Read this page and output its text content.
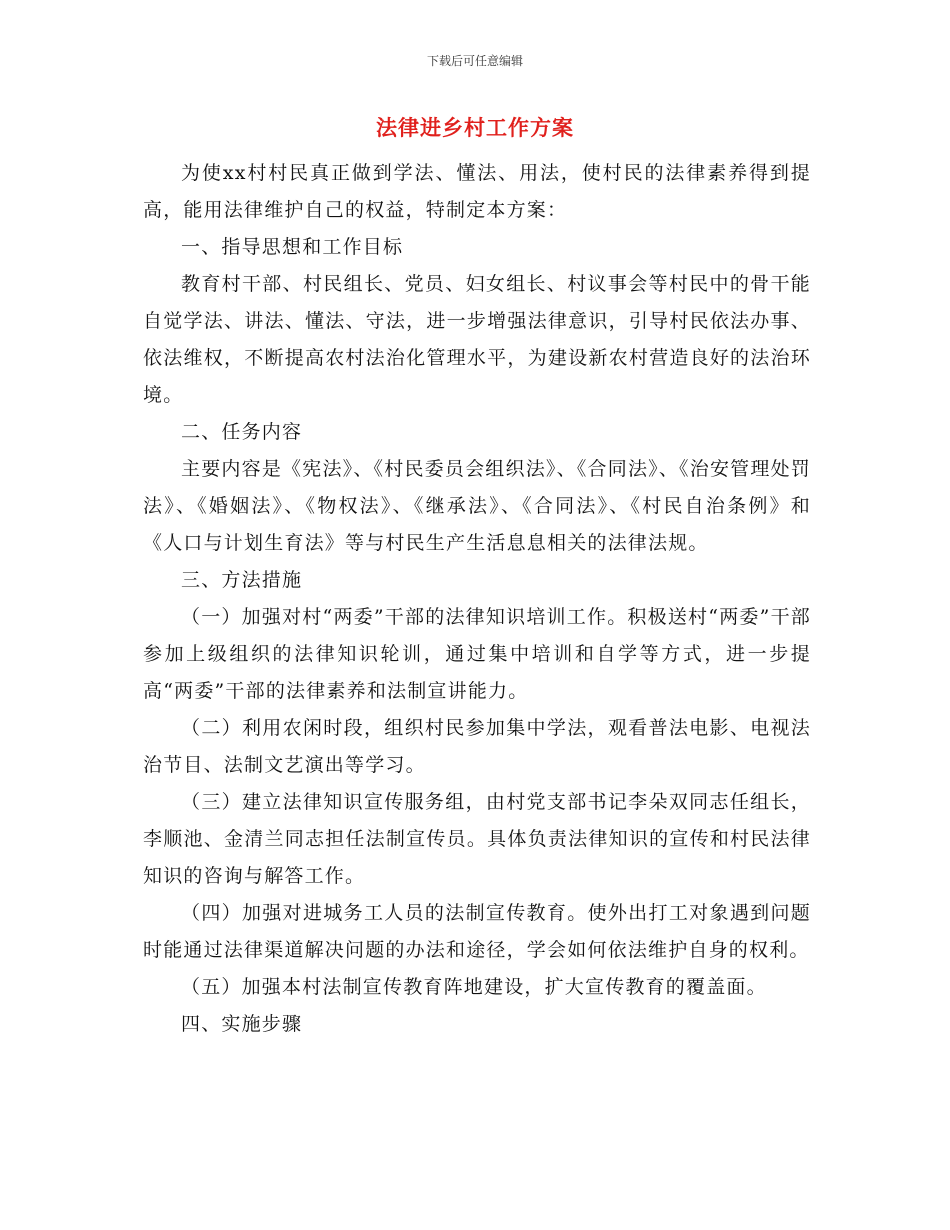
下载后可任意编辑
法律进乡村工作方案

为使xx村村民真正做到学法、懂法、用法，使村民的法律素养得到提高，能用法律维护自己的权益，特制定本方案：

一、指导思想和工作目标

教育村干部、村民组长、党员、妇女组长、村议事会等村民中的骨干能自觉学法、讲法、懂法、守法，进一步增强法律意识，引导村民依法办事、依法维权，不断提高农村法治化管理水平，为建设新农村营造良好的法治环境。

二、任务内容

主要内容是《宪法》、《村民委员会组织法》、《合同法》、《治安管理处罚法》、《婚姻法》、《物权法》、《继承法》、《合同法》、《村民自治条例》和《人口与计划生育法》等与村民生产生活息息相关的法律法规。

三、方法措施

（一）加强对村“两委”干部的法律知识培训工作。积极送村“两委”干部参加上级组织的法律知识轮训，通过集中培训和自学等方式，进一步提高“两委”干部的法律素养和法制宣讲能力。

（二）利用农闲时段，组织村民参加集中学法，观看普法电影、电视法治节目、法制文艺演出等学习。

（三）建立法律知识宣传服务组，由村党支部书记李朵双同志任组长，李顺池、金清兰同志担任法制宣传员。具体负责法律知识的宣传和村民法律知识的咨询与解答工作。

（四）加强对进城务工人员的法制宣传教育。使外出打工对象遇到问题时能通过法律渠道解决问题的办法和途径，学会如何依法维护自身的权利。

（五）加强本村法制宣传教育阵地建设，扩大宣传教育的覆盖面。

四、实施步骤
